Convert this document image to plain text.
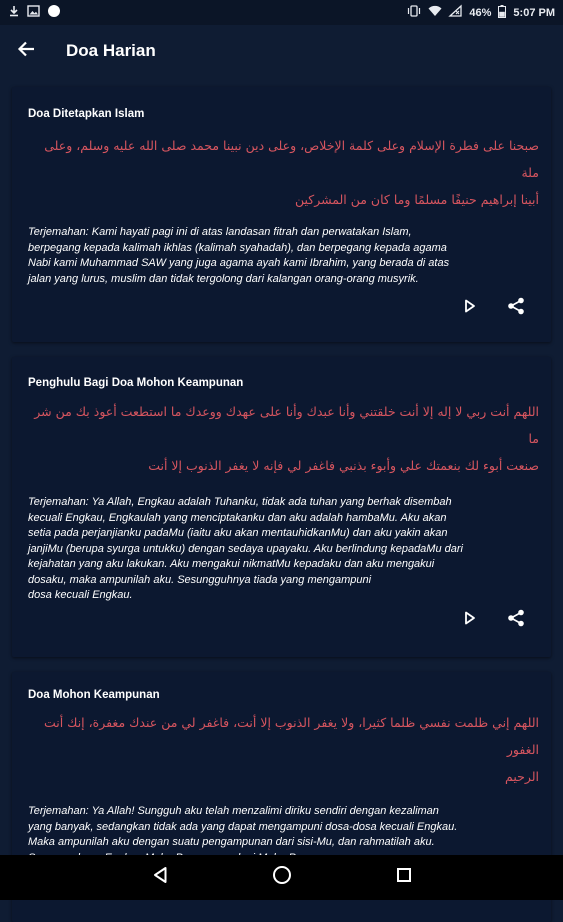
46% 5:07 PM
Doa Harian
Doa Ditetapkan Islam
صبحنا على فطرة الإسلام وعلى كلمة الإخلاص، وعلى دين نبينا محمد صلى الله عليه وسلم، وعلى ملة
أبينا إبراهيم حنيفًا مسلمًا وما كان من المشركين
Terjemahan: Kami hayati pagi ini di atas landasan fitrah dan perwatakan Islam,
berpegang kepada kalimah ikhlas (kalimah syahadah), dan berpegang kepada agama
Nabi kami Muhammad SAW yang juga agama ayah kami Ibrahim, yang berada di atas
jalan yang lurus, muslim dan tidak tergolong dari kalangan orang-orang musyrik.
Penghulu Bagi Doa Mohon Keampunan
اللهم أنت ربي لا إله إلا أنت خلقتني وأنا عبدك وأنا على عهدك ووعدك ما استطعت أعوذ بك من شر ما
صنعت أبوء لك بنعمتك علي وأبوء بذنبي فاغفر لي فإنه لا يغفر الذنوب إلا أنت
Terjemahan: Ya Allah, Engkau adalah Tuhanku, tidak ada tuhan yang berhak disembah
kecuali Engkau, Engkaulah yang menciptakanku dan aku adalah hambaMu. Aku akan
setia pada perjanjianku padaMu (iaitu aku akan mentauhidkanMu) dan aku yakin akan
janjiMu (berupa syurga untukku) dengan sedaya upayaku. Aku berlindung kepadaMu dari
kejahatan yang aku lakukan. Aku mengakui nikmatMu kepadaku dan aku mengakui
dosaku, maka ampunilah aku. Sesungguhnya tiada yang mengampuni
dosa kecuali Engkau.
Doa Mohon Keampunan
اللهم إني ظلمت نفسي ظلما كثيرا، ولا يغفر الذنوب إلا أنت، فاغفر لي من عندك مغفرة، إنك أنت الغفور
الرحيم
Terjemahan: Ya Allah! Sungguh aku telah menzalimi diriku sendiri dengan kezaliman
yang banyak, sedangkan tidak ada yang dapat mengampuni dosa-dosa kecuali Engkau.
Maka ampunilah aku dengan suatu pengampunan dari sisi-Mu, dan rahmatilah aku.
